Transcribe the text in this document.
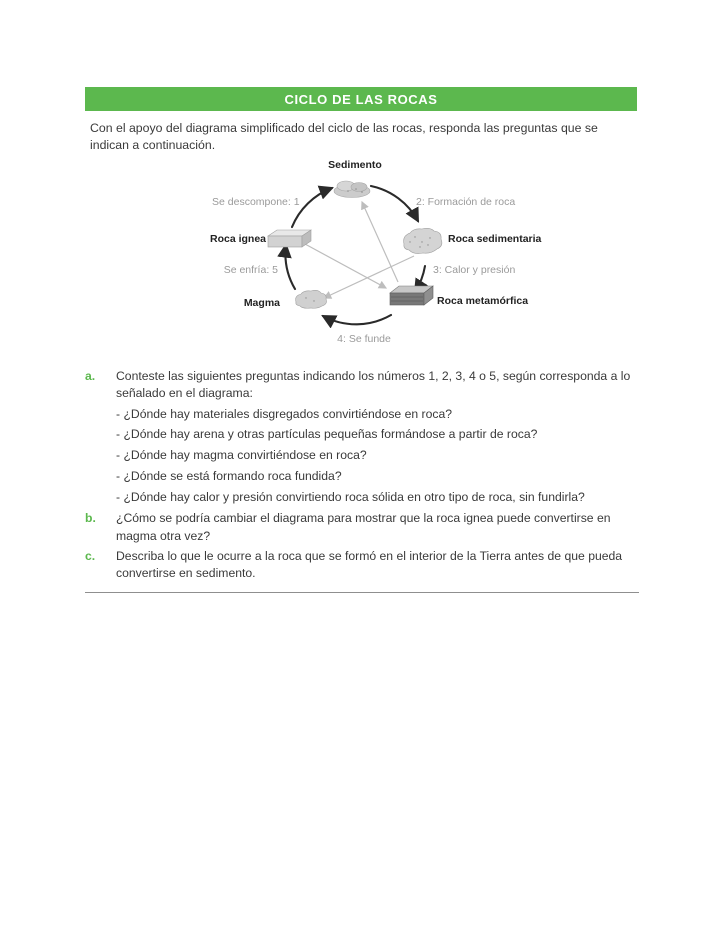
CICLO DE LAS ROCAS

Con el apoyo del diagrama simplificado del ciclo de las rocas, responda las preguntas que se indican a continuación.

Sedimento
Roca ignea	Roca sedimentaria
Magma	Roca metamórfica
Se descompone: 1	2: Formación de roca
Se enfría: 5	3: Calor y presión
4: Se funde
a.	Conteste las siguientes preguntas indicando los números 1, 2, 3, 4 o 5, según corresponda a lo señalado en el diagrama:
- ¿Dónde hay materiales disgregados convirtiéndose en roca?
- ¿Dónde hay arena y otras partículas pequeñas formándose a partir de roca?
- ¿Dónde hay magma convirtiéndose en roca?
- ¿Dónde se está formando roca fundida?
- ¿Dónde hay calor y presión convirtiendo roca sólida en otro tipo de roca, sin fundirla?
b.	¿Cómo se podría cambiar el diagrama para mostrar que la roca ignea puede convertirse en magma otra vez?
c.	Describa lo que le ocurre a la roca que se formó en el interior de la Tierra antes de que pueda convertirse en sedimento.
